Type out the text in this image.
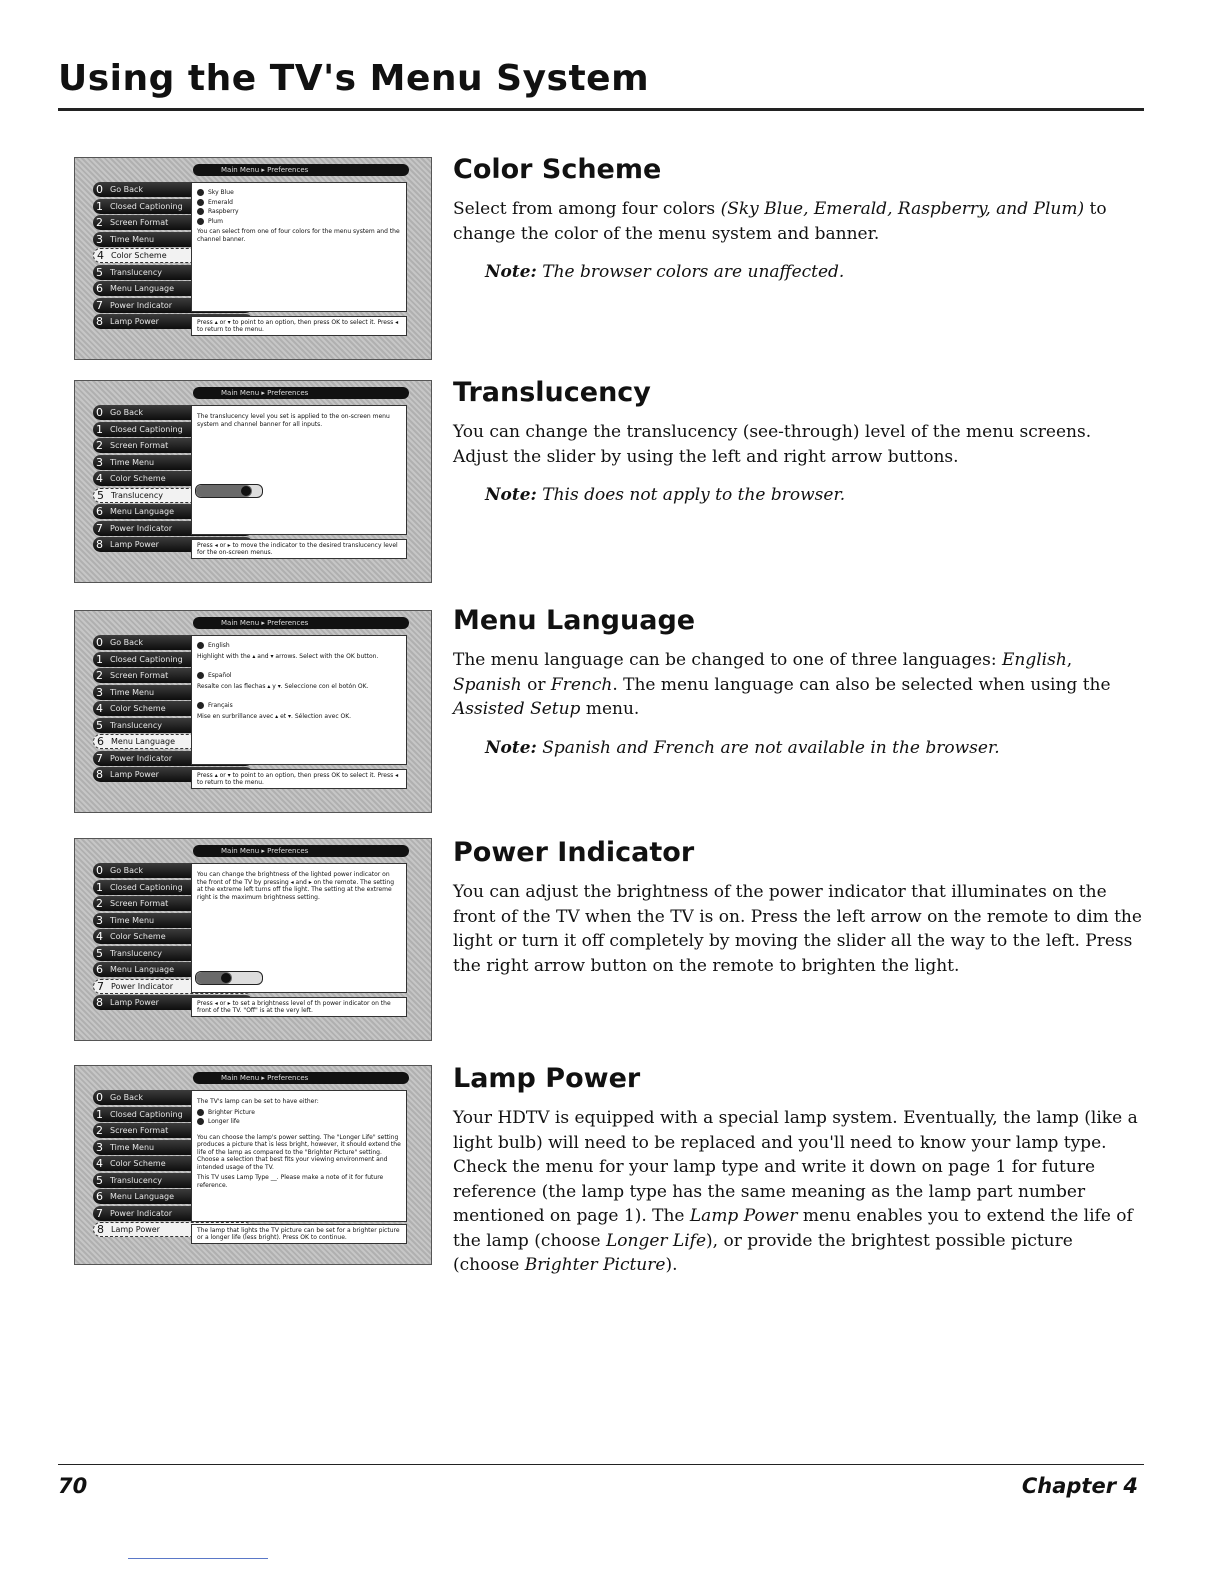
Using the TV's Menu System
Main Menu ▸ Preferences
0 Go Back
1 Closed Captioning
2 Screen Format
3 Time Menu
4 Color Scheme
5 Translucency
6 Menu Language
7 Power Indicator
8 Lamp Power
Sky Blue
Emerald
Raspberry
Plum

You can select from one of four colors for the menu system and the channel banner.

Press ▴ or ▾ to point to an option, then press OK to select it. Press ◂ to return to the menu.
Main Menu ▸ Preferences
0 Go Back
1 Closed Captioning
2 Screen Format
3 Time Menu
4 Color Scheme
5 Translucency
6 Menu Language
7 Power Indicator
8 Lamp Power

The translucency level you set is applied to the on-screen menu system and channel banner for all inputs.

Press ◂ or ▸ to move the indicator to the desired translucency level for the on-screen menus.
Main Menu ▸ Preferences
0 Go Back
1 Closed Captioning
2 Screen Format
3 Time Menu
4 Color Scheme
5 Translucency
6 Menu Language
7 Power Indicator
8 Lamp Power
English

Highlight with the ▴ and ▾ arrows. Select with the OK button.

Español

Resalte con las flechas ▴ y ▾. Seleccione con el botón OK.

Français

Mise en surbrillance avec ▴ et ▾. Sélection avec OK.

Press ▴ or ▾ to point to an option, then press OK to select it. Press ◂ to return to the menu.
Main Menu ▸ Preferences
0 Go Back
1 Closed Captioning
2 Screen Format
3 Time Menu
4 Color Scheme
5 Translucency
6 Menu Language
7 Power Indicator
8 Lamp Power

You can change the brightness of the lighted power indicator on the front of the TV by pressing ◂ and ▸ on the remote. The setting at the extreme left turns off the light. The setting at the extreme right is the maximum brightness setting.

Press ◂ or ▸ to set a brightness level of th power indicator on the front of the TV. "Off" is at the very left.
Main Menu ▸ Preferences
0 Go Back
1 Closed Captioning
2 Screen Format
3 Time Menu
4 Color Scheme
5 Translucency
6 Menu Language
7 Power Indicator
8 Lamp Power

The TV's lamp can be set to have either:

Brighter Picture
Longer life

You can choose the lamp's power setting. The "Longer Life" setting produces a picture that is less bright, however, it should extend the life of the lamp as compared to the "Brighter Picture" setting. Choose a selection that best fits your viewing environment and intended usage of the TV.

This TV uses Lamp Type __. Please make a note of it for future reference.

The lamp that lights the TV picture can be set for a brighter picture or a longer life (less bright). Press OK to continue.
Color Scheme

Select from among four colors (Sky Blue, Emerald, Raspberry, and Plum) to change the color of the menu system and banner.

Note: The browser colors are unaffected.

Translucency

You can change the translucency (see-through) level of the menu screens. Adjust the slider by using the left and right arrow buttons.

Note: This does not apply to the browser.

Menu Language

The menu language can be changed to one of three languages: English, Spanish or French. The menu language can also be selected when using the Assisted Setup menu.

Note: Spanish and French are not available in the browser.

Power Indicator

You can adjust the brightness of the power indicator that illuminates on the front of the TV when the TV is on. Press the left arrow on the remote to dim the light or turn it off completely by moving the slider all the way to the left. Press the right arrow button on the remote to brighten the light.

Lamp Power

Your HDTV is equipped with a special lamp system. Eventually, the lamp (like a light bulb) will need to be replaced and you'll need to know your lamp type. Check the menu for your lamp type and write it down on page 1 for future reference (the lamp type has the same meaning as the lamp part number mentioned on page 1). The Lamp Power menu enables you to extend the life of the lamp (choose Longer Life), or provide the brightest possible picture (choose Brighter Picture).

70	Chapter 4
